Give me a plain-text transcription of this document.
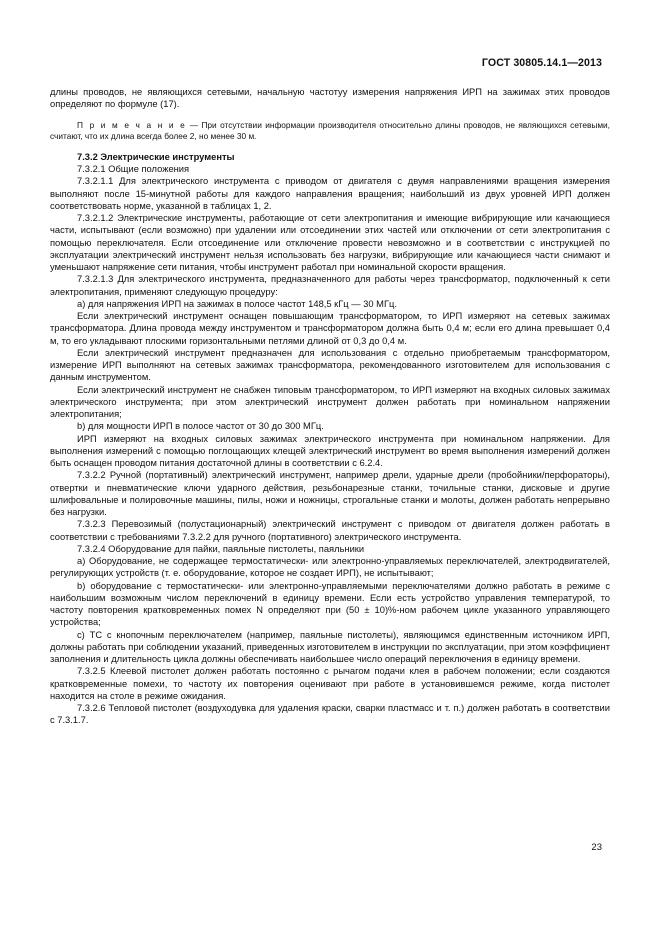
ГОСТ 30805.14.1—2013

длины проводов, не являющихся сетевыми, начальную частотуу измерения напряжения ИРП на зажимах этих проводов определяют по формуле (17).

П р и м е ч а н и е — При отсутствии информации производителя относительно длины проводов, не являющихся сетевыми, считают, что их длина всегда более 2, но менее 30 м.

7.3.2 Электрические инструменты

7.3.2.1 Общие положения

7.3.2.1.1 Для электрического инструмента с приводом от двигателя с двумя направлениями вращения измерения выполняют после 15-минутной работы для каждого направления вращения; наибольший из двух уровней ИРП должен соответствовать норме, указанной в таблицах 1, 2.

7.3.2.1.2 Электрические инструменты, работающие от сети электропитания и имеющие вибрирующие или качающиеся части, испытывают (если возможно) при удалении или отсоединении этих частей или отключении от сети электропитания с помощью переключателя. Если отсоединение или отключение провести невозможно и в соответствии с инструкцией по эксплуатации электрический инструмент нельзя использовать без нагрузки, вибрирующие или качающиеся части снимают и уменьшают напряжение сети питания, чтобы инструмент работал при номинальной скорости вращения.

7.3.2.1.3 Для электрического инструмента, предназначенного для работы через трансформатор, подключенный к сети электропитания, применяют следующую процедуру:

а) для напряжения ИРП на зажимах в полосе частот 148,5 кГц — 30 МГц.

Если электрический инструмент оснащен повышающим трансформатором, то ИРП измеряют на сетевых зажимах трансформатора. Длина провода между инструментом и трансформатором должна быть 0,4 м; если его длина превышает 0,4 м, то его укладывают плоскими горизонтальными петлями длиной от 0,3 до 0,4 м.

Если электрический инструмент предназначен для использования с отдельно приобретаемым трансформатором, измерение ИРП выполняют на сетевых зажимах трансформатора, рекомендованного изготовителем для использования с данным инструментом.

Если электрический инструмент не снабжен типовым трансформатором, то ИРП измеряют на входных силовых зажимах электрического инструмента; при этом электрический инструмент должен работать при номинальном напряжении электропитания;

b) для мощности ИРП в полосе частот от 30 до 300 МГц.

ИРП измеряют на входных силовых зажимах электрического инструмента при номинальном напряжении. Для выполнения измерений с помощью поглощающих клещей электрический инструмент во время выполнения измерений должен быть оснащен проводом питания достаточной длины в соответствии с 6.2.4.

7.3.2.2 Ручной (портативный) электрический инструмент, например дрели, ударные дрели (пробойники/перфораторы), отвертки и пневматические ключи ударного действия, резьбонарезные станки, точильные станки, дисковые и другие шлифовальные и полировочные машины, пилы, ножи и ножницы, строгальные станки и молоты, должен работать непрерывно без нагрузки.

7.3.2.3 Перевозимый (полустационарный) электрический инструмент с приводом от двигателя должен работать в соответствии с требованиями 7.3.2.2 для ручного (портативного) электрического инструмента.

7.3.2.4 Оборудование для пайки, паяльные пистолеты, паяльники

a) Оборудование, не содержащее термостатически- или электронно-управляемых переключателей, электродвигателей, регулирующих устройств (т. е. оборудование, которое не создает ИРП), не испытывают;

b) оборудование с термостатически- или электронно-управляемыми переключателями должно работать в режиме с наибольшим возможным числом переключений в единицу времени. Если есть устройство управления температурой, то частоту повторения кратковременных помех N определяют при (50 ± 10)%-ном рабочем цикле указанного управляющего устройства;

c) ТС с кнопочным переключателем (например, паяльные пистолеты), являющимся единственным источником ИРП, должны работать при соблюдении указаний, приведенных изготовителем в инструкции по эксплуатации, при этом коэффициент заполнения и длительность цикла должны обеспечивать наибольшее число операций переключения в единицу времени.

7.3.2.5 Клеевой пистолет должен работать постоянно с рычагом подачи клея в рабочем положении; если создаются кратковременные помехи, то частоту их повторения оценивают при работе в установившемся режиме, когда пистолет находится на столе в режиме ожидания.

7.3.2.6 Тепловой пистолет (воздуходувка для удаления краски, сварки пластмасс и т. п.) должен работать в соответствии с 7.3.1.7.

23
